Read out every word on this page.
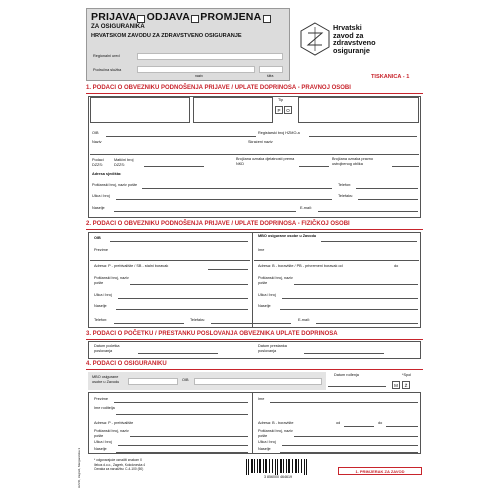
PRIJAVA ODJAVA PROMJENA
ZA OSIGURANIKA
HRVATSKOM ZAVODU ZA ZDRAVSTVENO OSIGURANJE
Regionalni ured
Područna služba
naziv	šifra
Hrvatski
zavod za
zdravstveno
osiguranje
TISKANICA - 1
1. PODACI O OBVEZNIKU PODNOŠENJA PRIJAVE / UPLATE DOPRINOSA - PRAVNOJ OSOBI
Tip
P	O
OIB	Registarski broj HZMO-a
Naziv	Skraćeni naziv
Podaci DZZS:
Matični broj DZZS:
Brojčana oznaka djelatnosti prema NKD
Brojčana oznaka pravno ustrojbenog oblika
Adresa sjedišta:
Poštanski broj, naziv pošte	Telefon:
Ulica i broj	Telefaks:
Naselje	E-mail:
2. PODACI O OBVEZNIKU PODNOŠENJA PRIJAVE / UPLATE DOPRINOSA - FIZIČKOJ OSOBI
OIB	MBO osigurane osobe u Zavodu
Prezime	Ime
Adresa: P - prebivalište / SB - stalni boravak	Adresa: B - boravište / PB - privremeni boravak od	do
Poštanski broj, naziv pošte
Poštanski broj, naziv pošte
Ulica i broj	Ulica i broj
Naselje	Naselje
Telefon:	Telefaks:	E-mail:
3. PODACI O POČETKU / PRESTANKU POSLOVANJA OBVEZNIKA UPLATE DOPRINOSA
Datum početka poslovanja
Datum prestanka poslovanja
4. PODACI O OSIGURANIKU
MBO osigurane osobe u Zavodu	OIB
Datum rođenja	*Spol
M	Ž
Prezime	Ime
Ime roditelja
Adresa: P - prebivalište	Adresa: B - boravište	od	do
Poštanski broj, naziv pošte
Poštanski broj, naziv pošte
Ulica i broj	Ulica i broj
Naselje	Naselje
* odgovarajuće označiti znakom X
Ilekus d.o.o., Zagreb, Kolodvorska 4
Oznaka za narudžbu: C-4-100 (50)
HZZO, Zagreb, Margaretska 3	3 856000 464619
1. PRIMJERAK ZA ZAVOD
